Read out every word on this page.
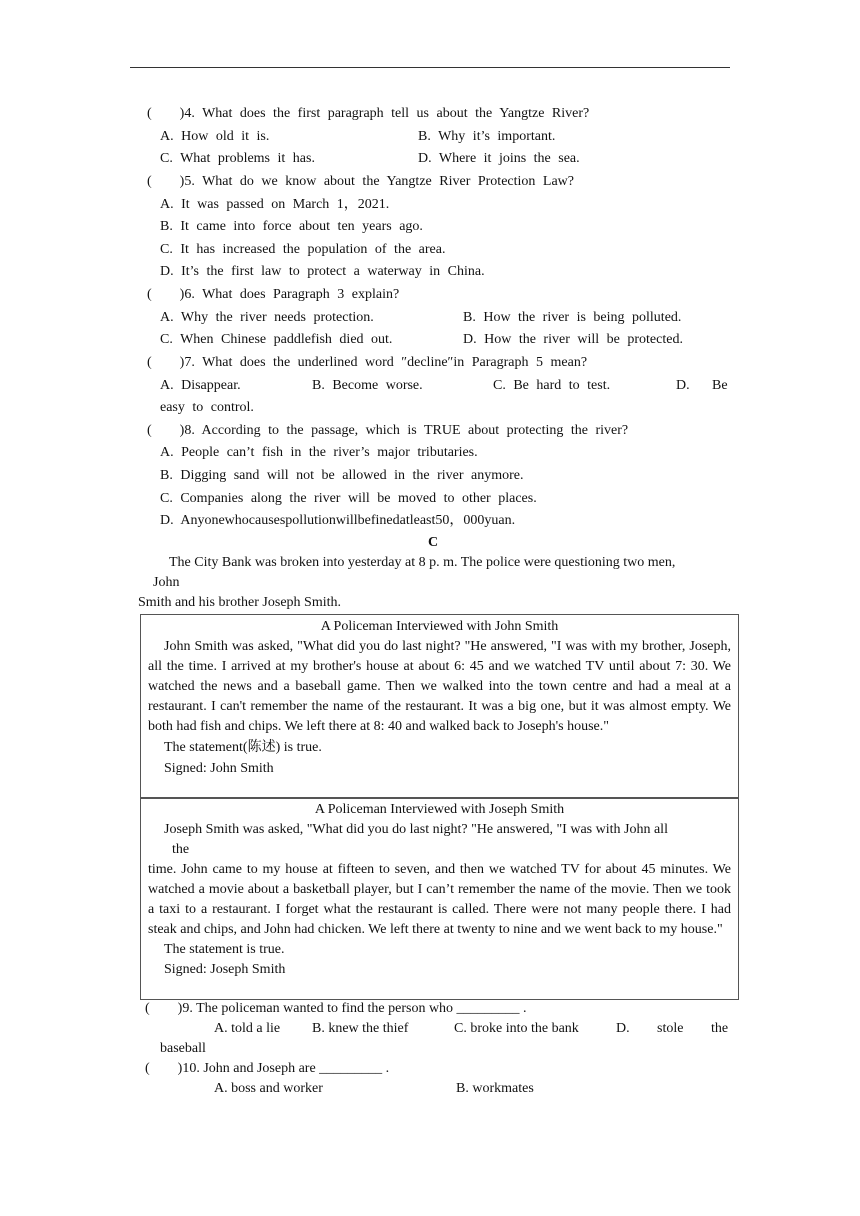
(　　)4. What does the first paragraph tell us about the Yangtze River?
A. How old it is.	B. Why it’s important.
C. What problems it has.	D. Where it joins the sea.
(　　)5. What do we know about the Yangtze River Protection Law?
A. It was passed on March 1，2021.
B. It came into force about ten years ago.
C. It has increased the population of the area.
D. It’s the first law to protect a waterway in China.
(　　)6. What does Paragraph 3 explain?
A. Why the river needs protection.	B. How the river is being polluted.
C. When Chinese paddlefish died out.	D. How the river will be protected.
(　　)7. What does the underlined word ″decline″in Paragraph 5 mean?
A. Disappear.	B. Become worse.	C. Be hard to test.	D. Be
easy to control.
(　　)8. According to the passage, which is TRUE about protecting the river?
A. People can’t fish in the river’s major tributaries.
B. Digging sand will not be allowed in the river anymore.
C. Companies along the river will be moved to other places.
D. Anyonewhocausespollutionwillbefinedatleast50，000yuan.
C
The City Bank was broken into yesterday at 8 p. m. The police were questioning two men,
John
Smith and his brother Joseph Smith.
A Policeman Interviewed with John Smith
John Smith was asked, "What did you do last night? "He answered, "I was with my brother, Joseph, all the time. I arrived at my brother's house at about 6: 45 and we watched TV until about 7: 30. We watched the news and a baseball game. Then we walked into the town centre and had a meal at a restaurant. I can't remember the name of the restaurant. It was a big one, but it was almost empty. We both had fish and chips. We left there at 8: 40 and walked back to Joseph's house."
The statement(陈述) is true.
Signed: John Smith
A Policeman Interviewed with Joseph Smith
Joseph Smith was asked, "What did you do last night? "He answered, "I was with John all
the
time. John came to my house at fifteen to seven, and then we watched TV for about 45 minutes. We watched a movie about a basketball player, but I can’t remember the name of the movie. Then we took a taxi to a restaurant. I forget what the restaurant is called. There were not many people there. I had steak and chips, and John had chicken. We left there at twenty to nine and we went back to my house."
The statement is true.
Signed: Joseph Smith
(　　)9. The policeman wanted to find the person who _________ .
A. told a lie B. knew the thief	C. broke into the bank	D. stole the
baseball
(　　)10. John and Joseph are _________ .
A. boss and worker	B. workmates
